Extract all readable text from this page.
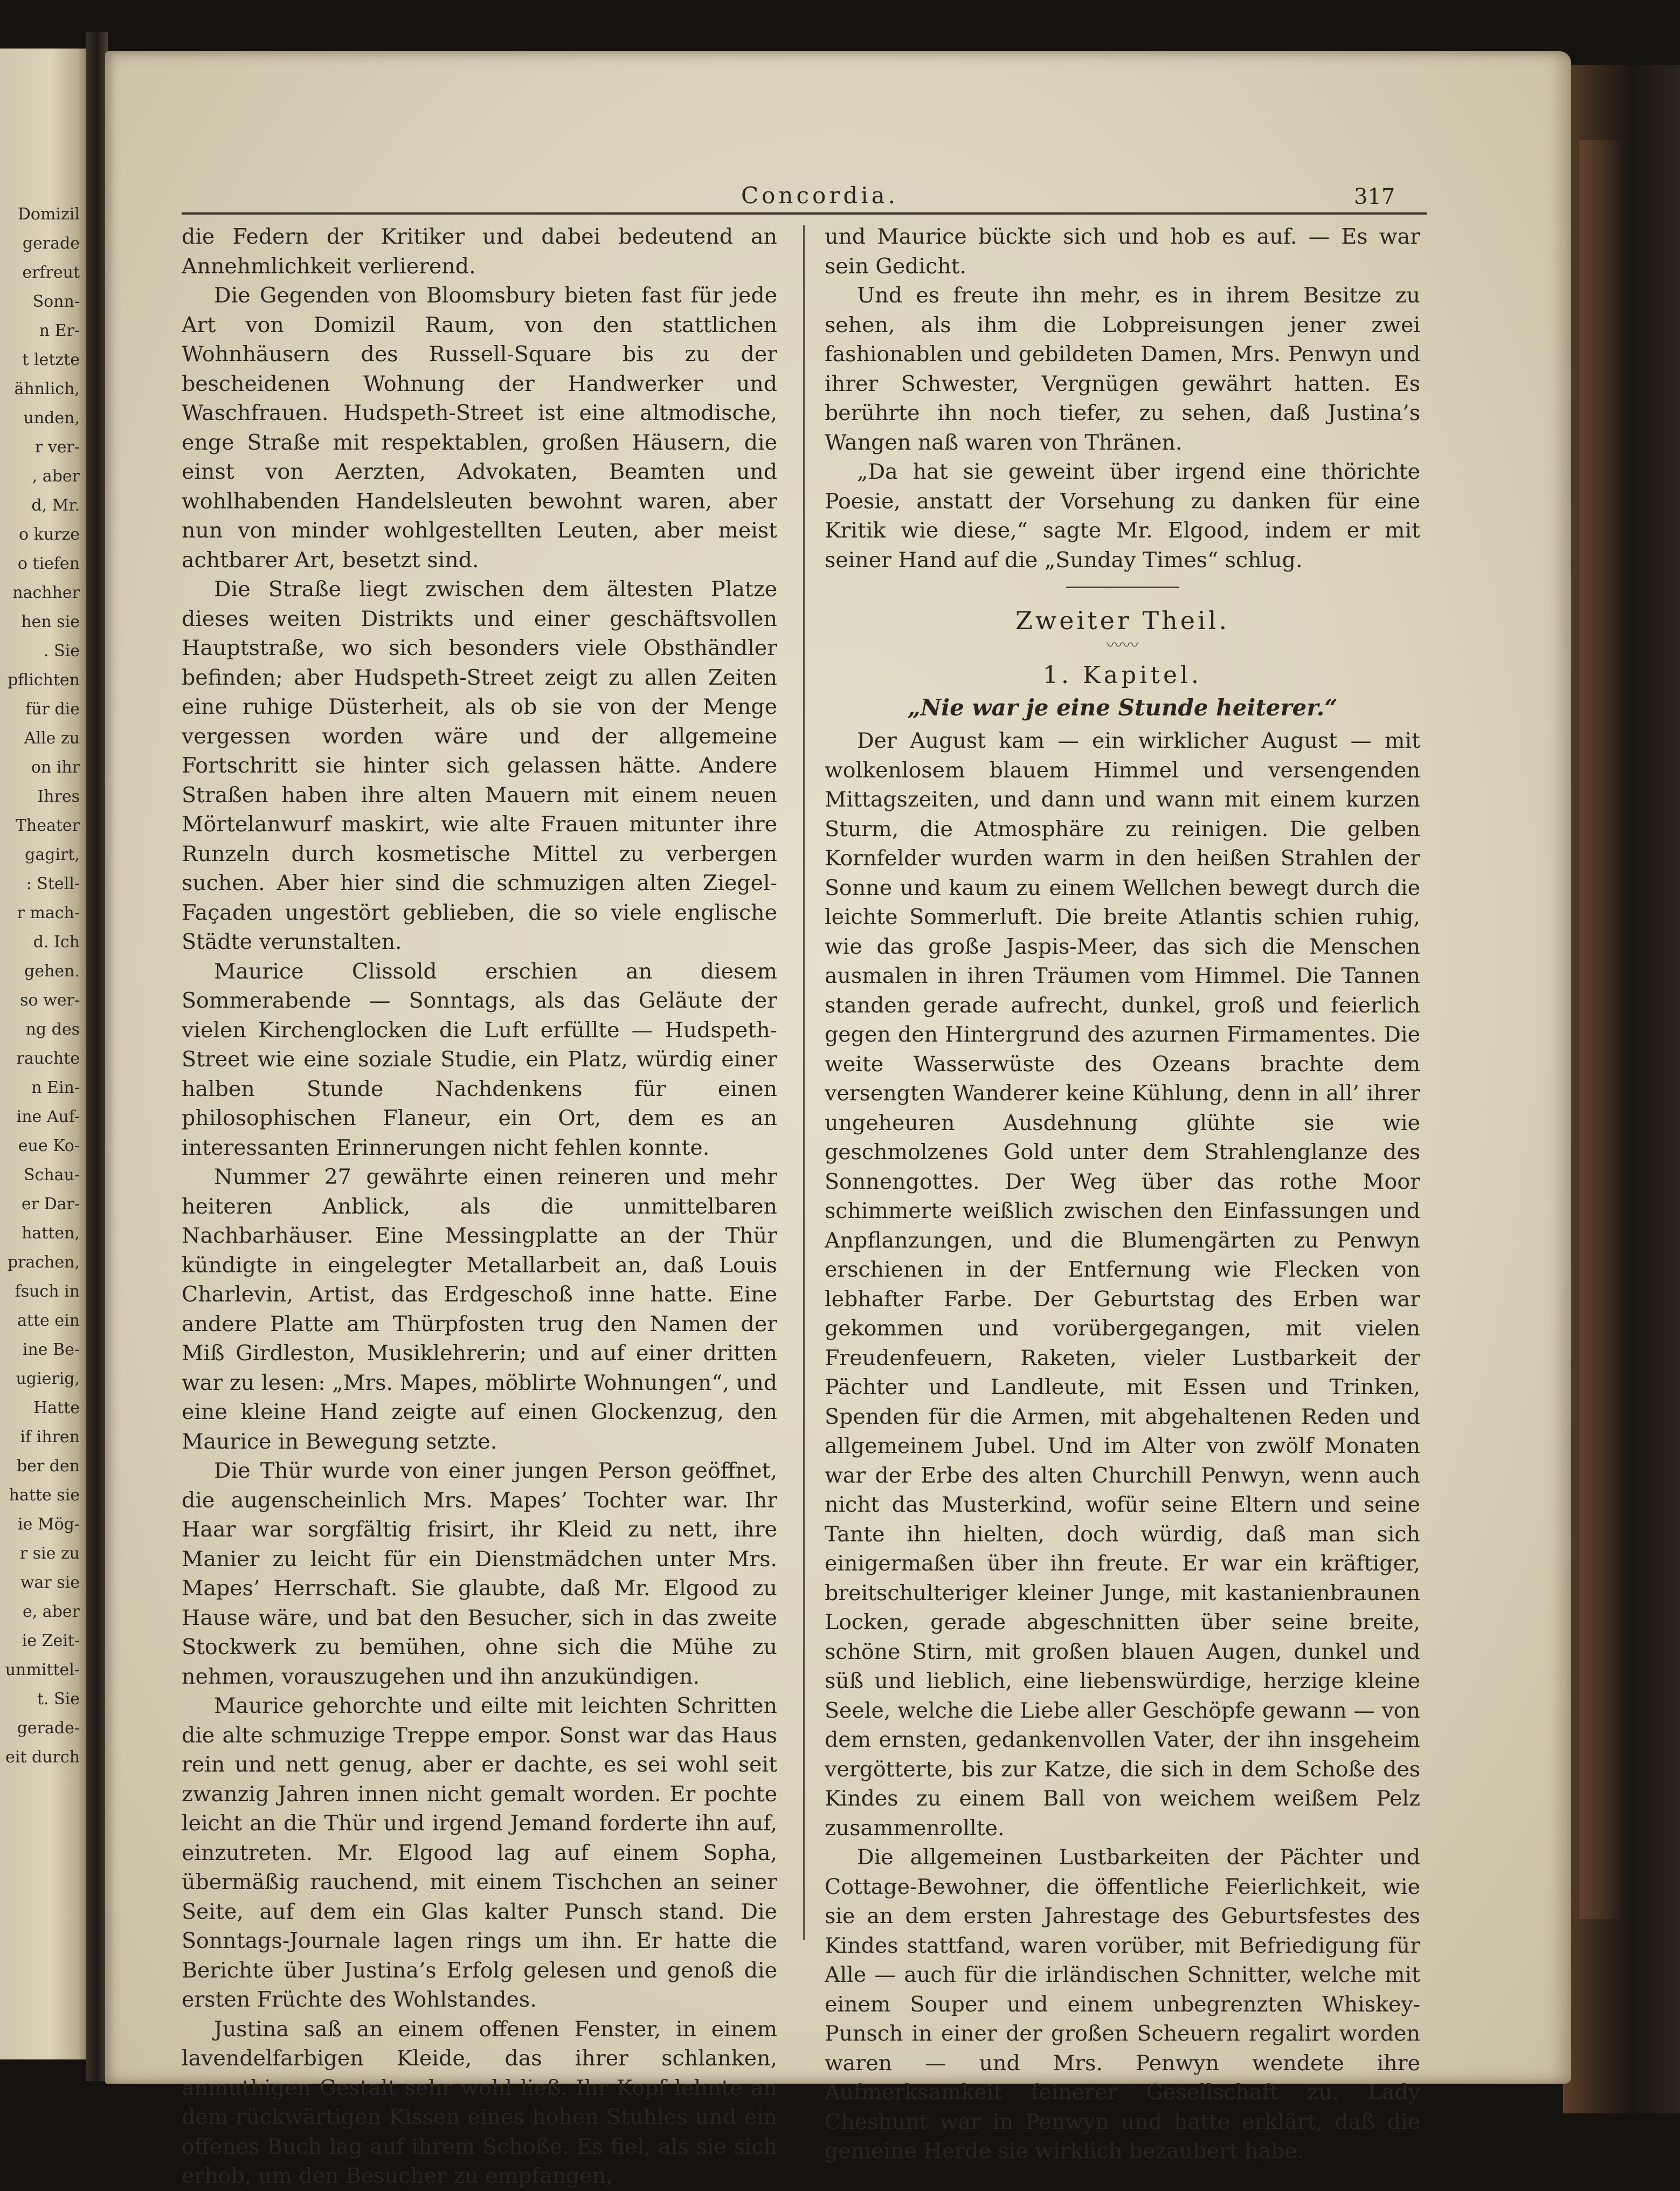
Domizil
gerade
erfreut
Sonn-
n Er-
t letzte
ähnlich,
unden,
r ver-
, aber
d, Mr.
o kurze
o tiefen
nachher
hen sie
. Sie
pflichten
für die
Alle zu
on ihr
Ihres
Theater
gagirt,
: Stell-
r mach-
d. Ich
gehen.
so wer-
ng des
rauchte
n Ein-
ine Auf-
eue Ko-
Schau-
er Dar-
hatten,
prachen,
fsuch in
atte ein
ine Be-
ugierig,
Hatte
if ihren
ber den
hatte sie
ie Mög-
r sie zu
war sie
e, aber
ie Zeit-
unmittel-
t. Sie
gerade-
eit durch
Concordia.	317

die Federn der Kritiker und dabei bedeutend an Annehmlichkeit verlierend.

Die Gegenden von Bloomsbury bieten fast für jede Art von Domizil Raum, von den stattlichen Wohnhäusern des Russell-Square bis zu der bescheidenen Wohnung der Handwerker und Waschfrauen. Hudspeth-Street ist eine altmodische, enge Straße mit respektablen, großen Häusern, die einst von Aerzten, Advokaten, Beamten und wohlhabenden Handelsleuten bewohnt waren, aber nun von minder wohlgestellten Leuten, aber meist achtbarer Art, besetzt sind.

Die Straße liegt zwischen dem ältesten Platze dieses weiten Distrikts und einer geschäftsvollen Hauptstraße, wo sich besonders viele Obsthändler befinden; aber Hudspeth-Street zeigt zu allen Zeiten eine ruhige Düsterheit, als ob sie von der Menge vergessen worden wäre und der allgemeine Fortschritt sie hinter sich gelassen hätte. Andere Straßen haben ihre alten Mauern mit einem neuen Mörtelanwurf maskirt, wie alte Frauen mitunter ihre Runzeln durch kosmetische Mittel zu verbergen suchen. Aber hier sind die schmuzigen alten Ziegel-Façaden ungestört geblieben, die so viele englische Städte verunstalten.

Maurice Clissold erschien an diesem Sommerabende — Sonntags, als das Geläute der vielen Kirchenglocken die Luft erfüllte — Hudspeth-Street wie eine soziale Studie, ein Platz, würdig einer halben Stunde Nachdenkens für einen philosophischen Flaneur, ein Ort, dem es an interessanten Erinnerungen nicht fehlen konnte.

Nummer 27 gewährte einen reineren und mehr heiteren Anblick, als die unmittelbaren Nachbarhäuser. Eine Messingplatte an der Thür kündigte in eingelegter Metallarbeit an, daß Louis Charlevin, Artist, das Erdgeschoß inne hatte. Eine andere Platte am Thürpfosten trug den Namen der Miß Girdleston, Musiklehrerin; und auf einer dritten war zu lesen: „Mrs. Mapes, möblirte Wohnungen“, und eine kleine Hand zeigte auf einen Glockenzug, den Maurice in Bewegung setzte.

Die Thür wurde von einer jungen Person geöffnet, die augenscheinlich Mrs. Mapes’ Tochter war. Ihr Haar war sorgfältig frisirt, ihr Kleid zu nett, ihre Manier zu leicht für ein Dienstmädchen unter Mrs. Mapes’ Herrschaft. Sie glaubte, daß Mr. Elgood zu Hause wäre, und bat den Besucher, sich in das zweite Stockwerk zu bemühen, ohne sich die Mühe zu nehmen, vorauszugehen und ihn anzukündigen.

Maurice gehorchte und eilte mit leichten Schritten die alte schmuzige Treppe empor. Sonst war das Haus rein und nett genug, aber er dachte, es sei wohl seit zwanzig Jahren innen nicht gemalt worden. Er pochte leicht an die Thür und irgend Jemand forderte ihn auf, einzutreten. Mr. Elgood lag auf einem Sopha, übermäßig rauchend, mit einem Tischchen an seiner Seite, auf dem ein Glas kalter Punsch stand. Die Sonntags-Journale lagen rings um ihn. Er hatte die Berichte über Justina’s Erfolg gelesen und genoß die ersten Früchte des Wohlstandes.

Justina saß an einem offenen Fenster, in einem lavendelfarbigen Kleide, das ihrer schlanken, anmuthigen Gestalt sehr wohl ließ. Ihr Kopf lehnte an dem rückwärtigen Kissen eines hohen Stuhles und ein offenes Buch lag auf ihrem Schoße. Es fiel, als sie sich erhob, um den Besucher zu empfangen,

und Maurice bückte sich und hob es auf. — Es war sein Gedicht.

Und es freute ihn mehr, es in ihrem Besitze zu sehen, als ihm die Lobpreisungen jener zwei fashionablen und gebildeten Damen, Mrs. Penwyn und ihrer Schwester, Vergnügen gewährt hatten. Es berührte ihn noch tiefer, zu sehen, daß Justina’s Wangen naß waren von Thränen.

„Da hat sie geweint über irgend eine thörichte Poesie, anstatt der Vorsehung zu danken für eine Kritik wie diese,“ sagte Mr. Elgood, indem er mit seiner Hand auf die „Sunday Times“ schlug.

Zweiter Theil.
〰〰
1. Kapitel.
„Nie war je eine Stunde heiterer.“

Der August kam — ein wirklicher August — mit wolkenlosem blauem Himmel und versengenden Mittagszeiten, und dann und wann mit einem kurzen Sturm, die Atmosphäre zu reinigen. Die gelben Kornfelder wurden warm in den heißen Strahlen der Sonne und kaum zu einem Wellchen bewegt durch die leichte Sommerluft. Die breite Atlantis schien ruhig, wie das große Jaspis-Meer, das sich die Menschen ausmalen in ihren Träumen vom Himmel. Die Tannen standen gerade aufrecht, dunkel, groß und feierlich gegen den Hintergrund des azurnen Firmamentes. Die weite Wasserwüste des Ozeans brachte dem versengten Wanderer keine Kühlung, denn in all’ ihrer ungeheuren Ausdehnung glühte sie wie geschmolzenes Gold unter dem Strahlenglanze des Sonnengottes. Der Weg über das rothe Moor schimmerte weißlich zwischen den Einfassungen und Anpflanzungen, und die Blumengärten zu Penwyn erschienen in der Entfernung wie Flecken von lebhafter Farbe. Der Geburtstag des Erben war gekommen und vorübergegangen, mit vielen Freudenfeuern, Raketen, vieler Lustbarkeit der Pächter und Landleute, mit Essen und Trinken, Spenden für die Armen, mit abgehaltenen Reden und allgemeinem Jubel. Und im Alter von zwölf Monaten war der Erbe des alten Churchill Penwyn, wenn auch nicht das Musterkind, wofür seine Eltern und seine Tante ihn hielten, doch würdig, daß man sich einigermaßen über ihn freute. Er war ein kräftiger, breitschulteriger kleiner Junge, mit kastanienbraunen Locken, gerade abgeschnitten über seine breite, schöne Stirn, mit großen blauen Augen, dunkel und süß und lieblich, eine liebenswürdige, herzige kleine Seele, welche die Liebe aller Geschöpfe gewann — von dem ernsten, gedankenvollen Vater, der ihn insgeheim vergötterte, bis zur Katze, die sich in dem Schoße des Kindes zu einem Ball von weichem weißem Pelz zusammenrollte.

Die allgemeinen Lustbarkeiten der Pächter und Cottage-Bewohner, die öffentliche Feierlichkeit, wie sie an dem ersten Jahrestage des Geburtsfestes des Kindes stattfand, waren vorüber, mit Befriedigung für Alle — auch für die irländischen Schnitter, welche mit einem Souper und einem unbegrenzten Whiskey-Punsch in einer der großen Scheuern regalirt worden waren — und Mrs. Penwyn wendete ihre Aufmerksamkeit feinerer Gesellschaft zu. Lady Cheshunt war in Penwyn und hatte erklärt, daß die gemeine Herde sie wirklich bezaubert habe.
